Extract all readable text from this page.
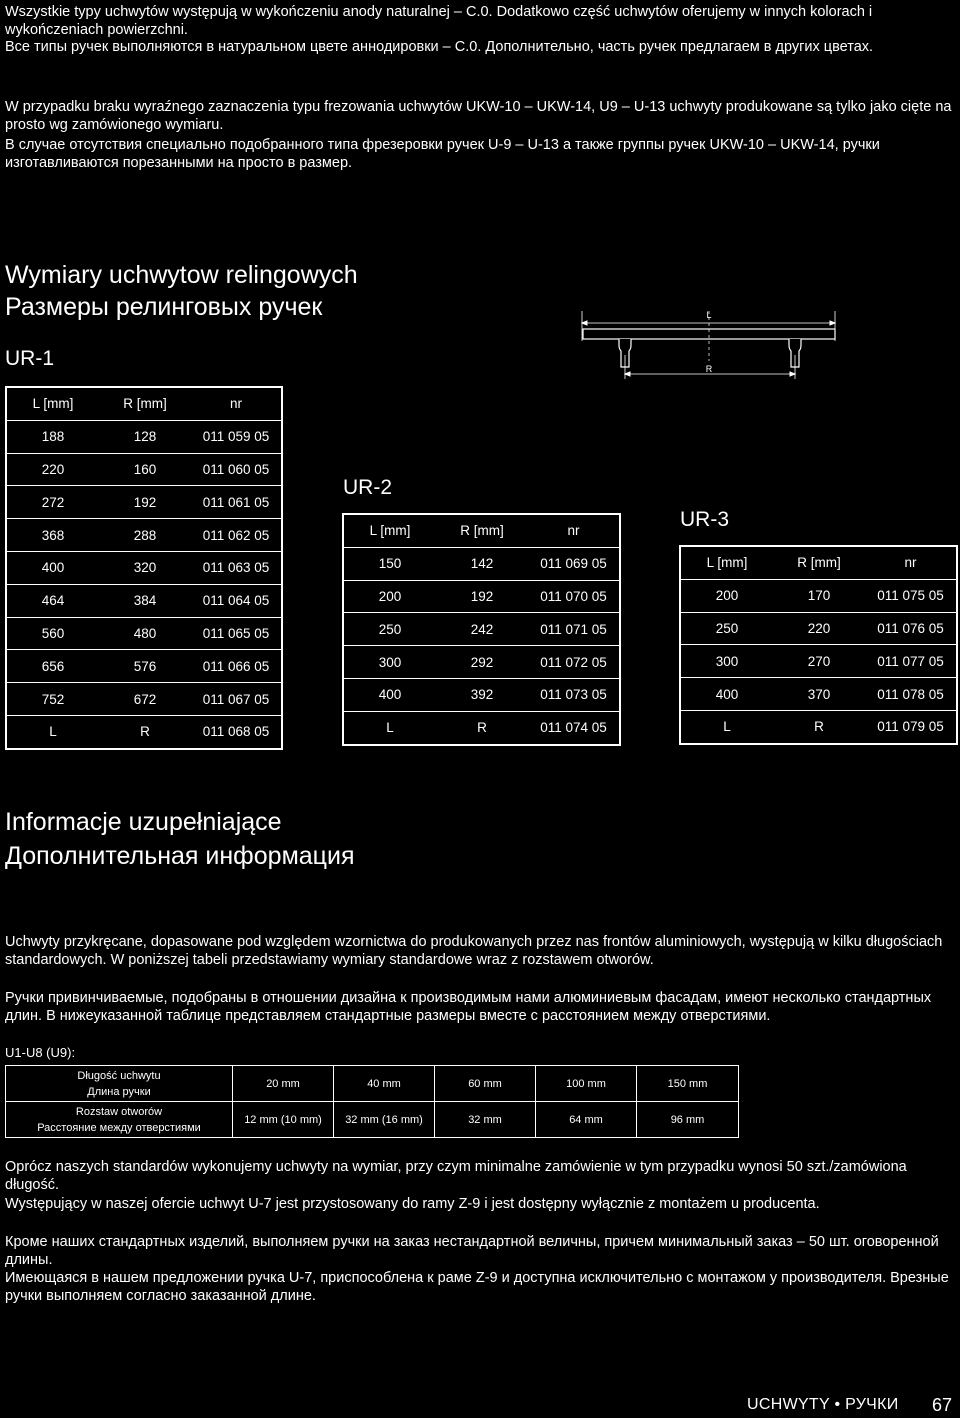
Wszystkie typy uchwytów występują w wykończeniu anody naturalnej – C.0. Dodatkowo część uchwytów oferujemy w innych kolorach i wykończeniach powierzchni.

Все типы ручек выполняются в натуральном цвете аннодировки – C.0. Дополнительно, часть ручек предлагаем в других цветах.

W przypadku braku wyraźnego zaznaczenia typu frezowania uchwytów UKW-10 – UKW-14, U9 – U-13 uchwyty produkowane są tylko jako cięte na prosto wg zamówionego wymiaru.

В случае отсутствия специально подобранного типа фрезеровки ручек U-9 – U-13 а также группы ручек UKW-10 – UKW-14, ручки изготавливаются порезанными на просто в размер.

Wymiary uchwytow relingowych
Размеры релинговых ручек	L
R
UR-1
L [mm]	R [mm]	nr
188	128	011 059 05
220	160	011 060 05
272	192	011 061 05
368	288	011 062 05
400	320	011 063 05
464	384	011 064 05
560	480	011 065 05
656	576	011 066 05
752	672	011 067 05
L	R	011 068 05
UR-2
L [mm]	R [mm]	nr
150	142	011 069 05
200	192	011 070 05
250	242	011 071 05
300	292	011 072 05
400	392	011 073 05
L	R	011 074 05
UR-3
L [mm]	R [mm]	nr
200	170	011 075 05
250	220	011 076 05
300	270	011 077 05
400	370	011 078 05
L	R	011 079 05
Informacje uzupełniające
Дополнительная информация

Uchwyty przykręcane, dopasowane pod względem wzornictwa do produkowanych przez nas frontów aluminiowych, występują w kilku długościach standardowych. W poniższej tabeli przedstawiamy wymiary standardowe wraz z rozstawem otworów.

Ручки привинчиваемые, подобраны в отношении дизайна к производимым нами алюминиевым фасадам, имеют несколько стандартных длин. В нижеуказанной таблице представляем стандартные размеры вместе с расстоянием между отверстиями.

U1-U8 (U9):
Długość uchwytu
Длина ручки	20 mm	40 mm	60 mm	100 mm	150 mm

Rozstaw otworów
Расстояние между отверстиями	12 mm (10 mm)	32 mm (16 mm)	32 mm	64 mm	96 mm

Oprócz naszych standardów wykonujemy uchwyty na wymiar, przy czym minimalne zamówienie w tym przypadku wynosi 50 szt./zamówiona długość.

Występujący w naszej ofercie uchwyt U-7 jest przystosowany do ramy Z-9 i jest dostępny wyłącznie z montażem u producenta.

Кроме наших стандартных изделий, выполняем ручки на заказ нестандартной величны, причем минимальный заказ – 50 шт. оговоренной длины.

Имеющаяся в нашем предложении ручка U-7, приспособлена к раме Z-9 и доступна исключительно с монтажом у производителя. Врезные ручки выполняем согласно заказанной длине.

UCHWYTY • РУЧКИ 67
